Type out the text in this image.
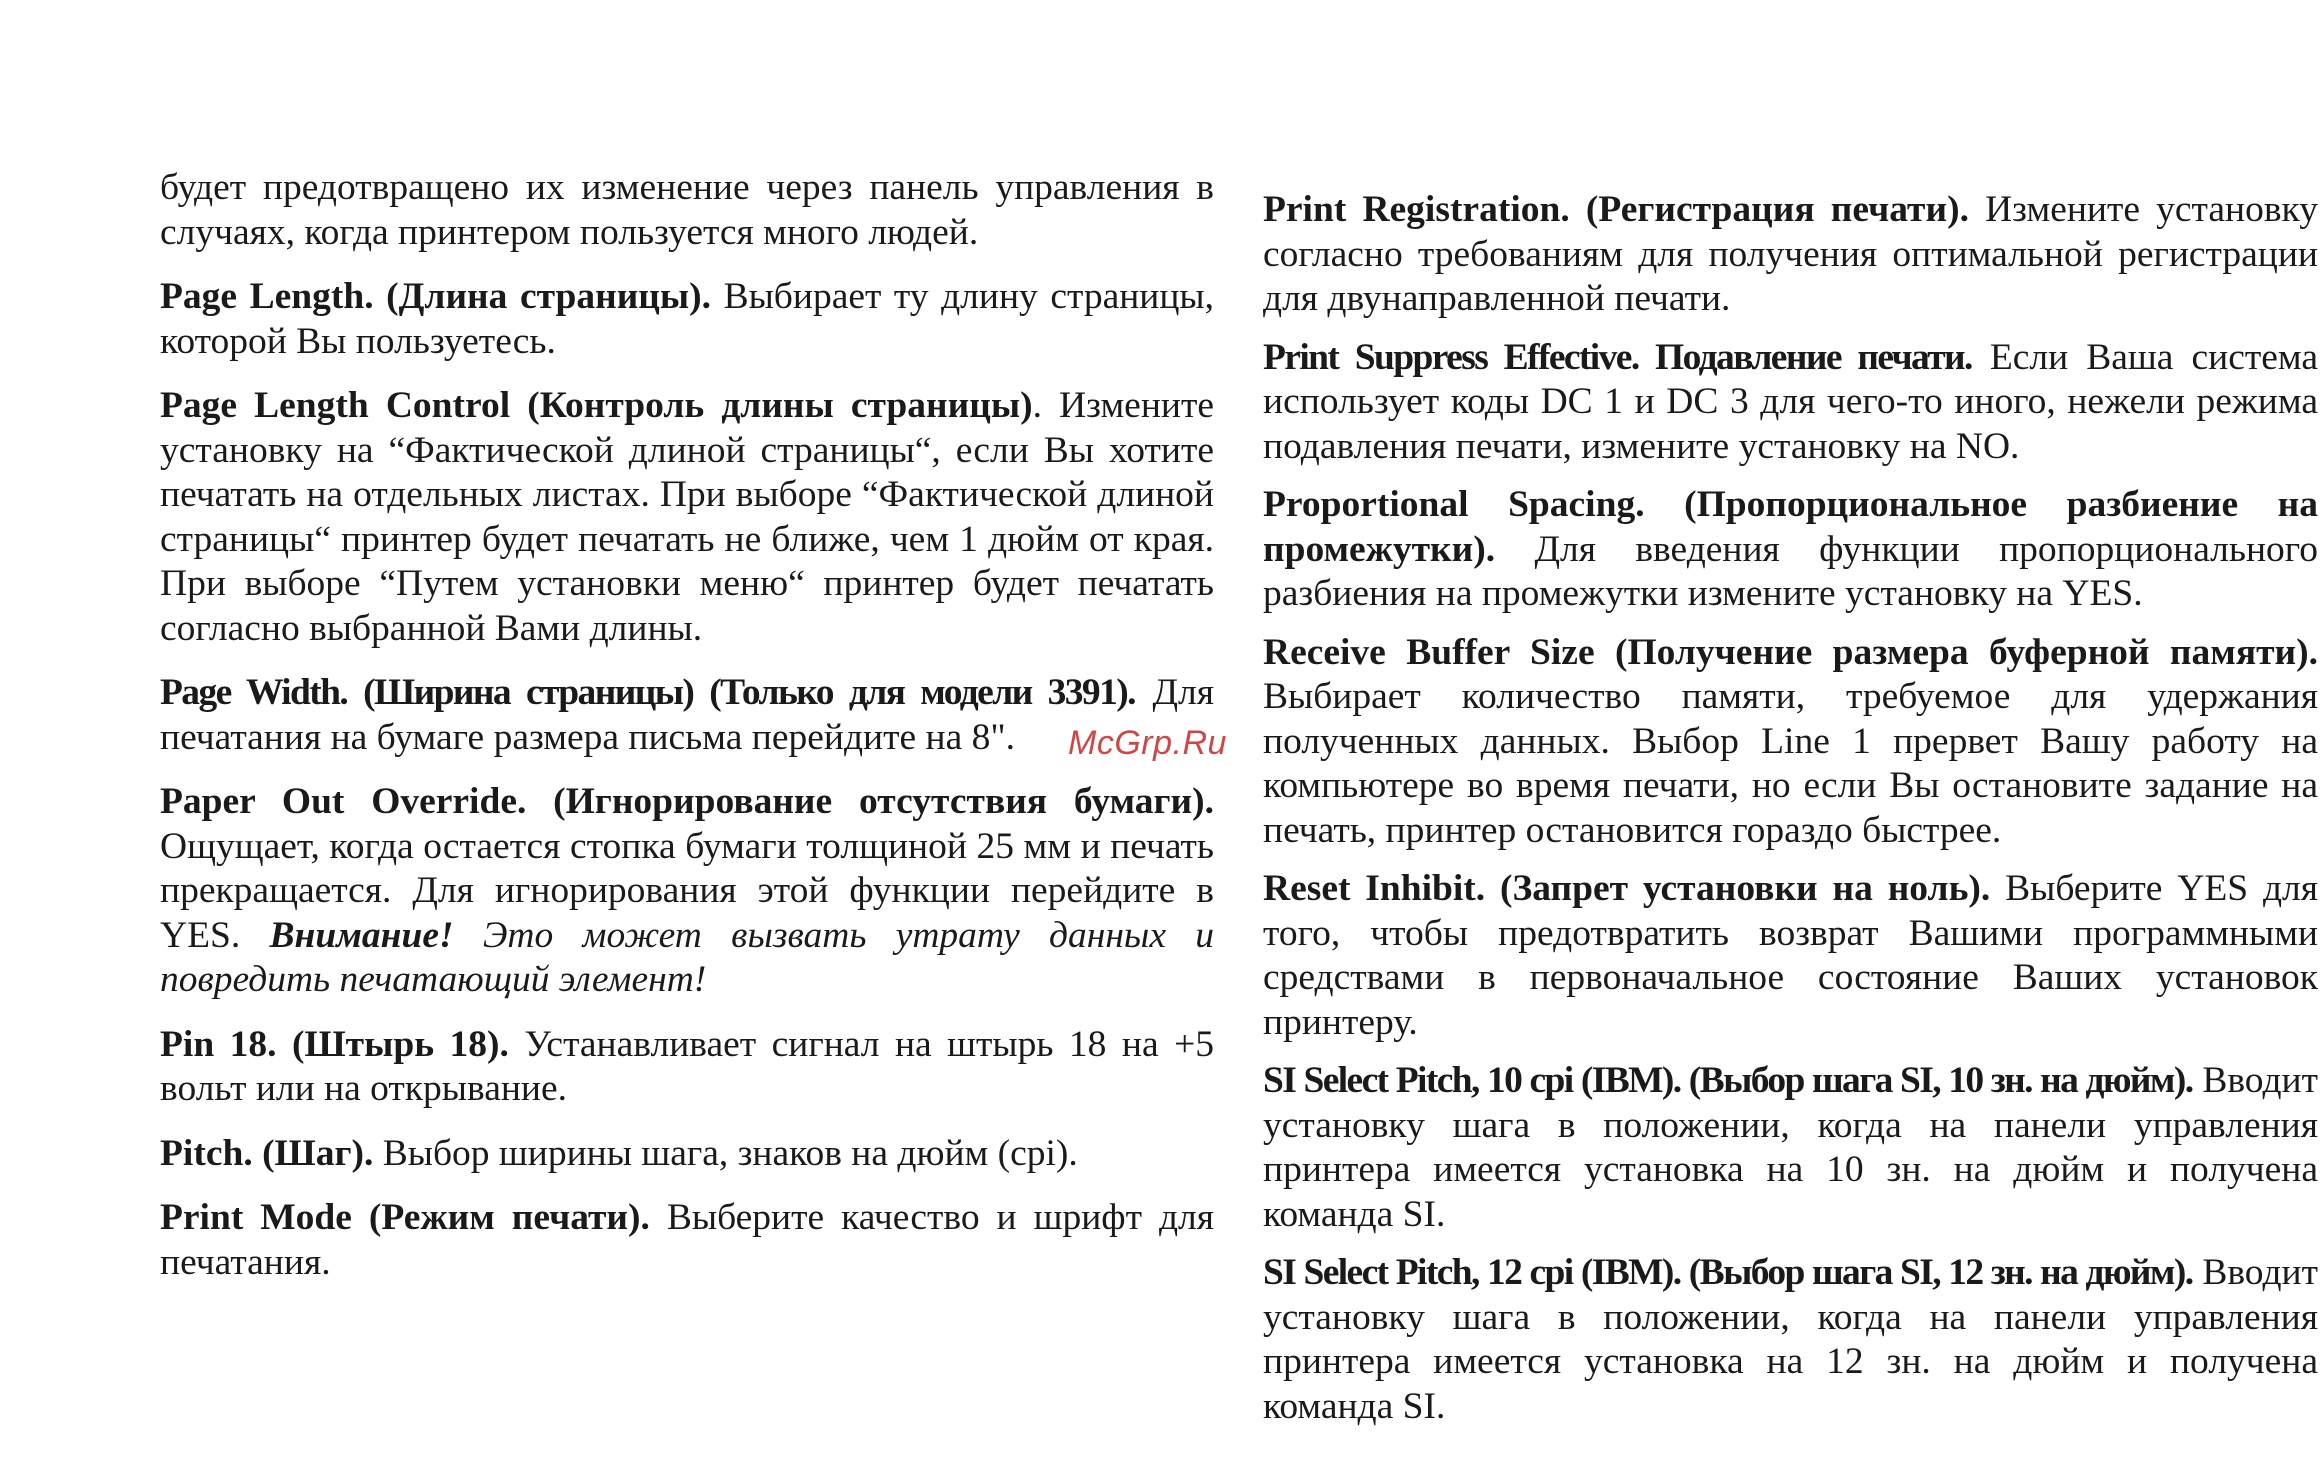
будет предотвращено их изменение через панель управления в случаях, когда принтером пользуется много людей.

Page Length. (Длина страницы). Выбирает ту длину страницы, которой Вы пользуетесь.

Page Length Control (Контроль длины страницы). Измените установку на “Фактической длиной страницы“, если Вы хотите печатать на отдельных листах. При выборе “Фактической длиной страницы“ принтер будет печатать не ближе, чем 1 дюйм от края. При выборе “Путем установки меню“ принтер будет печатать согласно выбранной Вами длины.

Page Width. (Ширина страницы) (Только для модели 3391). Для печатания на бумаге размера письма перейдите на 8".

Paper Out Override. (Игнорирование отсутствия бумаги). Ощущает, когда остается стопка бумаги толщиной 25 мм и печать прекращается. Для игнорирования этой функции перейдите в YES. Внимание! Это может вызвать утрату данных и повредить печатающий элемент!

Pin 18. (Штырь 18). Устанавливает сигнал на штырь 18 на +5 вольт или на открывание.

Pitch. (Шаг). Выбор ширины шага, знаков на дюйм (cpi).

Print Mode (Режим печати). Выберите качество и шрифт для печатания.

Print Registration. (Регистрация печати). Измените установку согласно требованиям для получения оптимальной регистрации для двунаправленной печати.

Print Suppress Effective. Подавление печати. Если Ваша система использует коды DC 1 и DC 3 для чего-то иного, нежели режима подавления печати, измените установку на NO.

Proportional Spacing. (Пропорциональное разбиение на промежутки). Для введения функции пропорционального разбиения на промежутки измените установку на YES.

Receive Buffer Size (Получение размера буферной памяти). Выбирает количество памяти, требуемое для удержания полученных данных. Выбор Line 1 прервет Вашу работу на компьютере во время печати, но если Вы остановите задание на печать, принтер остановится гораздо быстрее.

Reset Inhibit. (Запрет установки на ноль). Выберите YES для того, чтобы предотвратить возврат Вашими программными средствами в первоначальное состояние Ваших установок принтеру.

SI Select Pitch, 10 cpi (IBM). (Выбор шага SI, 10 зн. на дюйм). Вводит установку шага в положении, когда на панели управления принтера имеется установка на 10 зн. на дюйм и получена команда SI.

SI Select Pitch, 12 cpi (IBM). (Выбор шага SI, 12 зн. на дюйм). Вводит установку шага в положении, когда на панели управления принтера имеется установка на 12 зн. на дюйм и получена команда SI.

McGrp.Ru
